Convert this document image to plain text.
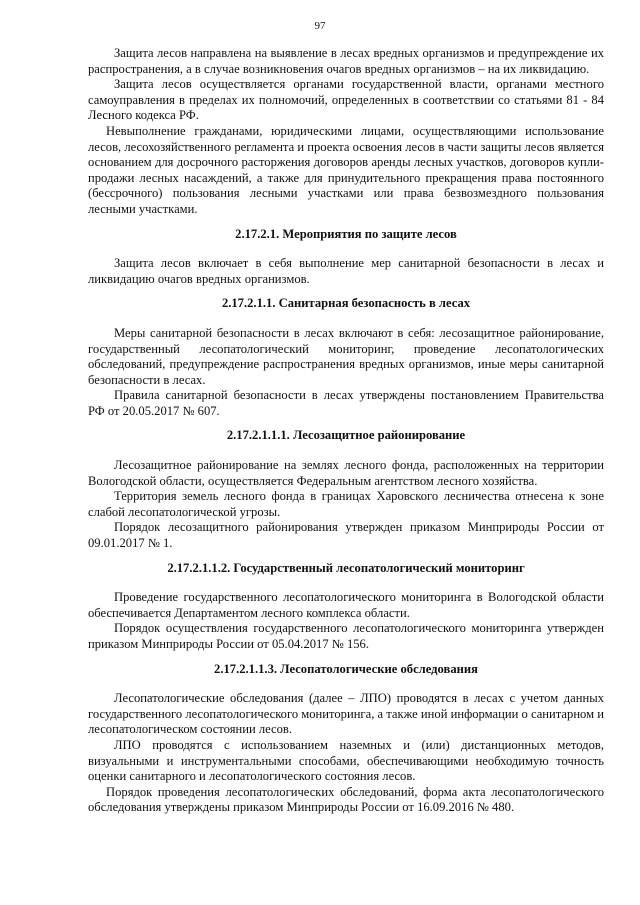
97

Защита лесов направлена на выявление в лесах вредных организмов и предупреждение их распространения, а в случае возникновения очагов вредных организмов – на их ликвидацию.

Защита лесов осуществляется органами государственной власти, органами местного самоуправления в пределах их полномочий, определенных в соответствии со статьями 81 - 84 Лесного кодекса РФ.

Невыполнение гражданами, юридическими лицами, осуществляющими использование лесов, лесохозяйственного регламента и проекта освоения лесов в части защиты лесов является основанием для досрочного расторжения договоров аренды лесных участков, договоров купли-продажи лесных насаждений, а также для принудительного прекращения права постоянного (бессрочного) пользования лесными участками или права безвозмездного пользования лесными участками.

2.17.2.1. Мероприятия по защите лесов

Защита лесов включает в себя выполнение мер санитарной безопасности в лесах и ликвидацию очагов вредных организмов.

2.17.2.1.1. Санитарная безопасность в лесах

Меры санитарной безопасности в лесах включают в себя: лесозащитное районирование, государственный лесопатологический мониторинг, проведение лесопатологических обследований, предупреждение распространения вредных организмов, иные меры санитарной безопасности в лесах.

Правила санитарной безопасности в лесах утверждены постановлением Правительства РФ от 20.05.2017 № 607.

2.17.2.1.1.1. Лесозащитное районирование

Лесозащитное районирование на землях лесного фонда, расположенных на территории Вологодской области, осуществляется Федеральным агентством лесного хозяйства.

Территория земель лесного фонда в границах Харовского лесничества отнесена к зоне слабой лесопатологической угрозы.

Порядок лесозащитного районирования утвержден приказом Минприроды России от 09.01.2017 № 1.

2.17.2.1.1.2. Государственный лесопатологический мониторинг

Проведение государственного лесопатологического мониторинга в Вологодской области обеспечивается Департаментом лесного комплекса области.

Порядок осуществления государственного лесопатологического мониторинга утвержден приказом Минприроды России от 05.04.2017 № 156.

2.17.2.1.1.3. Лесопатологические обследования

Лесопатологические обследования (далее – ЛПО) проводятся в лесах с учетом данных государственного лесопатологического мониторинга, а также иной информации о санитарном и лесопатологическом состоянии лесов.

ЛПО проводятся с использованием наземных и (или) дистанционных методов, визуальными и инструментальными способами, обеспечивающими необходимую точность оценки санитарного и лесопатологического состояния лесов.

Порядок проведения лесопатологических обследований, форма акта лесопатологического обследования утверждены приказом Минприроды России от 16.09.2016 № 480.
